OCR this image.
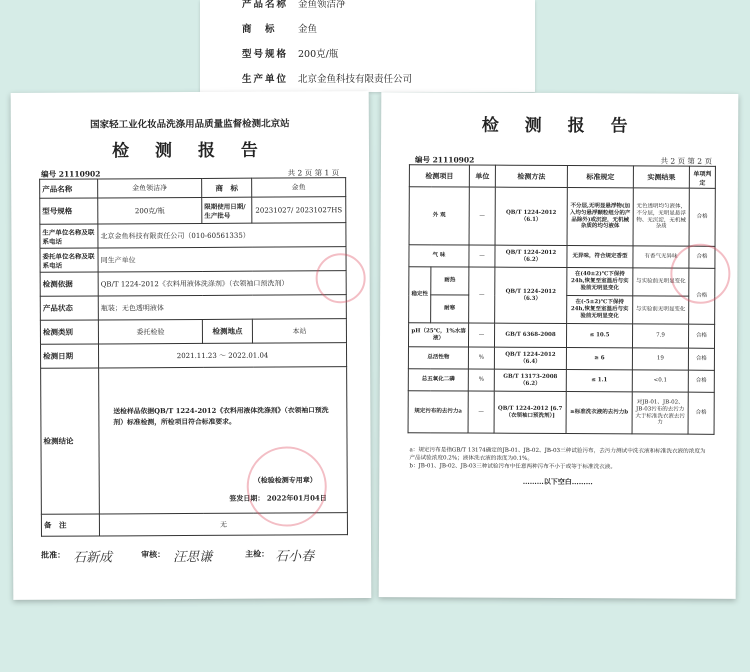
产品名称 金鱼领洁净
商　标 金鱼
型号规格 200克/瓶
生产单位 北京金鱼科技有限责任公司
国家轻工业化妆品洗涤用品质量监督检测北京站
检 测 报 告
编号 21110902	共 2 页 第 1 页
产品名称	金鱼领洁净	商　标	金鱼
型号规格	200克/瓶	限期使用日期/生产批号	20231027/ 20231027HS
生产单位名称及联系电话	北京金鱼科技有限责任公司（010-60561335）		
委托单位名称及联系电话	同生产单位		
检测依据	QB/T 1224-2012《衣料用液体洗涤剂》（衣领袖口预洗剂）		
产品状态	瓶装；无色透明液体		
检测类别	委托检验	检测地点	本站
检测日期	2021.11.23 ～ 2022.01.04		
检测结论	送检样品依据QB/T 1224-2012《衣料用液体洗涤剂》（衣领袖口预洗剂）标准检测，所检项目符合标准要求。
（检验检测专用章）
签发日期： 2022年01月04日		

备　注	无		
批准： 石新成	审核： 汪思谦	主检： 石小春
检 测 报 告
编号 21110902	共 2 页 第 2 页
检测项目		单位	检测方法	标准规定	实测结果	单项判定
外 观		—	QB/T 1224-2012（6.1）	不分层,无明显悬浮物(加入均匀悬浮颗粒组分的产品除外)或沉淀，无机械杂质的均匀液体	无色透明均匀液体，不分层，无明显悬浮物、无沉淀，无机械杂质	合格
气 味		—	QB/T 1224-2012（6.2）	无异味，符合规定香型	有香气无异味	合格
稳定性	耐热	—	QB/T 1224-2012（6.3）	在(40±2)℃下保持24h,恢复至室温后与实验前无明显变化	与实验前无明显变化	合格
	耐寒			在(-5±2)℃下保持24h,恢复至室温后与实验前无明显变化	与实验前无明显变化	
pH（25℃，1%水溶液）		—	GB/T 6368-2008	≤ 10.5	7.9	合格
总活性物		%	QB/T 1224-2012（6.4）	≥ 6	19	合格
总五氧化二磷		%	GB/T 13173-2008（6.2）	≤ 1.1	<0.1	合格
规定污布的去污力a		—	QB/T 1224-2012 [6.7（衣领袖口预洗剂）]	≥标准洗衣液的去污力b	对JB-01、JB-02、JB-03污布的去污力大于标准洗衣液去污力	合格
a：规定污布是指GB/T 13174确定的JB-01、JB-02、JB-03三种试验污布，去污力测试中洗衣液和标准洗衣液的浓度为产品试验浓度0.2%；液体洗衣液的浓度为0.1%。
b：JB-01、JB-02、JB-03三种试验污布中任意两种污布不小于或等于标准洗衣液。
………以下空白………
